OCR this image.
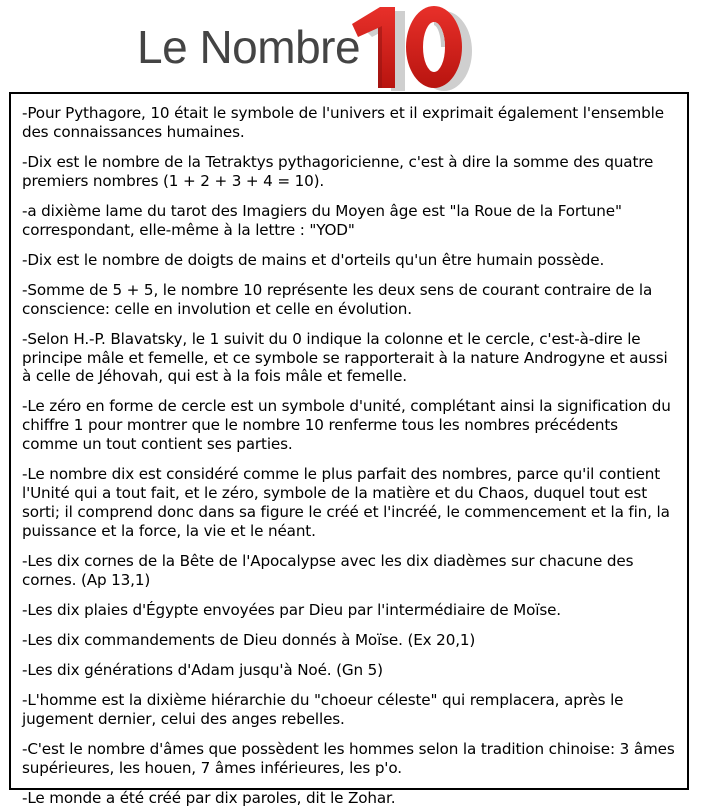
Le Nombre
10

-Pour Pythagore, 10 était le symbole de l'univers et il exprimait également l'ensemble des connaissances humaines.

-Dix est le nombre de la Tetraktys pythagoricienne, c'est à dire la somme des quatre premiers nombres (1 + 2 + 3 + 4 = 10).

-a dixième lame du tarot des Imagiers du Moyen âge est "la Roue de la Fortune" correspondant, elle-même à la lettre : "YOD"

-Dix est le nombre de doigts de mains et d'orteils qu'un être humain possède.

-Somme de 5 + 5, le nombre 10 représente les deux sens de courant contraire de la conscience: celle en involution et celle en évolution.

-Selon H.-P. Blavatsky, le 1 suivit du 0 indique la colonne et le cercle, c'est-à-dire le principe mâle et femelle, et ce symbole se rapporterait à la nature Androgyne et aussi à celle de Jéhovah, qui est à la fois mâle et femelle.

-Le zéro en forme de cercle est un symbole d'unité, complétant ainsi la signification du chiffre 1 pour montrer que le nombre 10 renferme tous les nombres précédents comme un tout contient ses parties.

-Le nombre dix est considéré comme le plus parfait des nombres, parce qu'il contient l'Unité qui a tout fait, et le zéro, symbole de la matière et du Chaos, duquel tout est sorti; il comprend donc dans sa figure le créé et l'incréé, le commencement et la fin, la puissance et la force, la vie et le néant.

-Les dix cornes de la Bête de l'Apocalypse avec les dix diadèmes sur chacune des cornes. (Ap 13,1)

-Les dix plaies d'Égypte envoyées par Dieu par l'intermédiaire de Moïse.

-Les dix commandements de Dieu donnés à Moïse. (Ex 20,1)

-Les dix générations d'Adam jusqu'à Noé. (Gn 5)

-L'homme est la dixième hiérarchie du "choeur céleste" qui remplacera, après le jugement dernier, celui des anges rebelles.

-C'est le nombre d'âmes que possèdent les hommes selon la tradition chinoise: 3 âmes supérieures, les houen, 7 âmes inférieures, les p'o.

-Le monde a été créé par dix paroles, dit le Zohar.
